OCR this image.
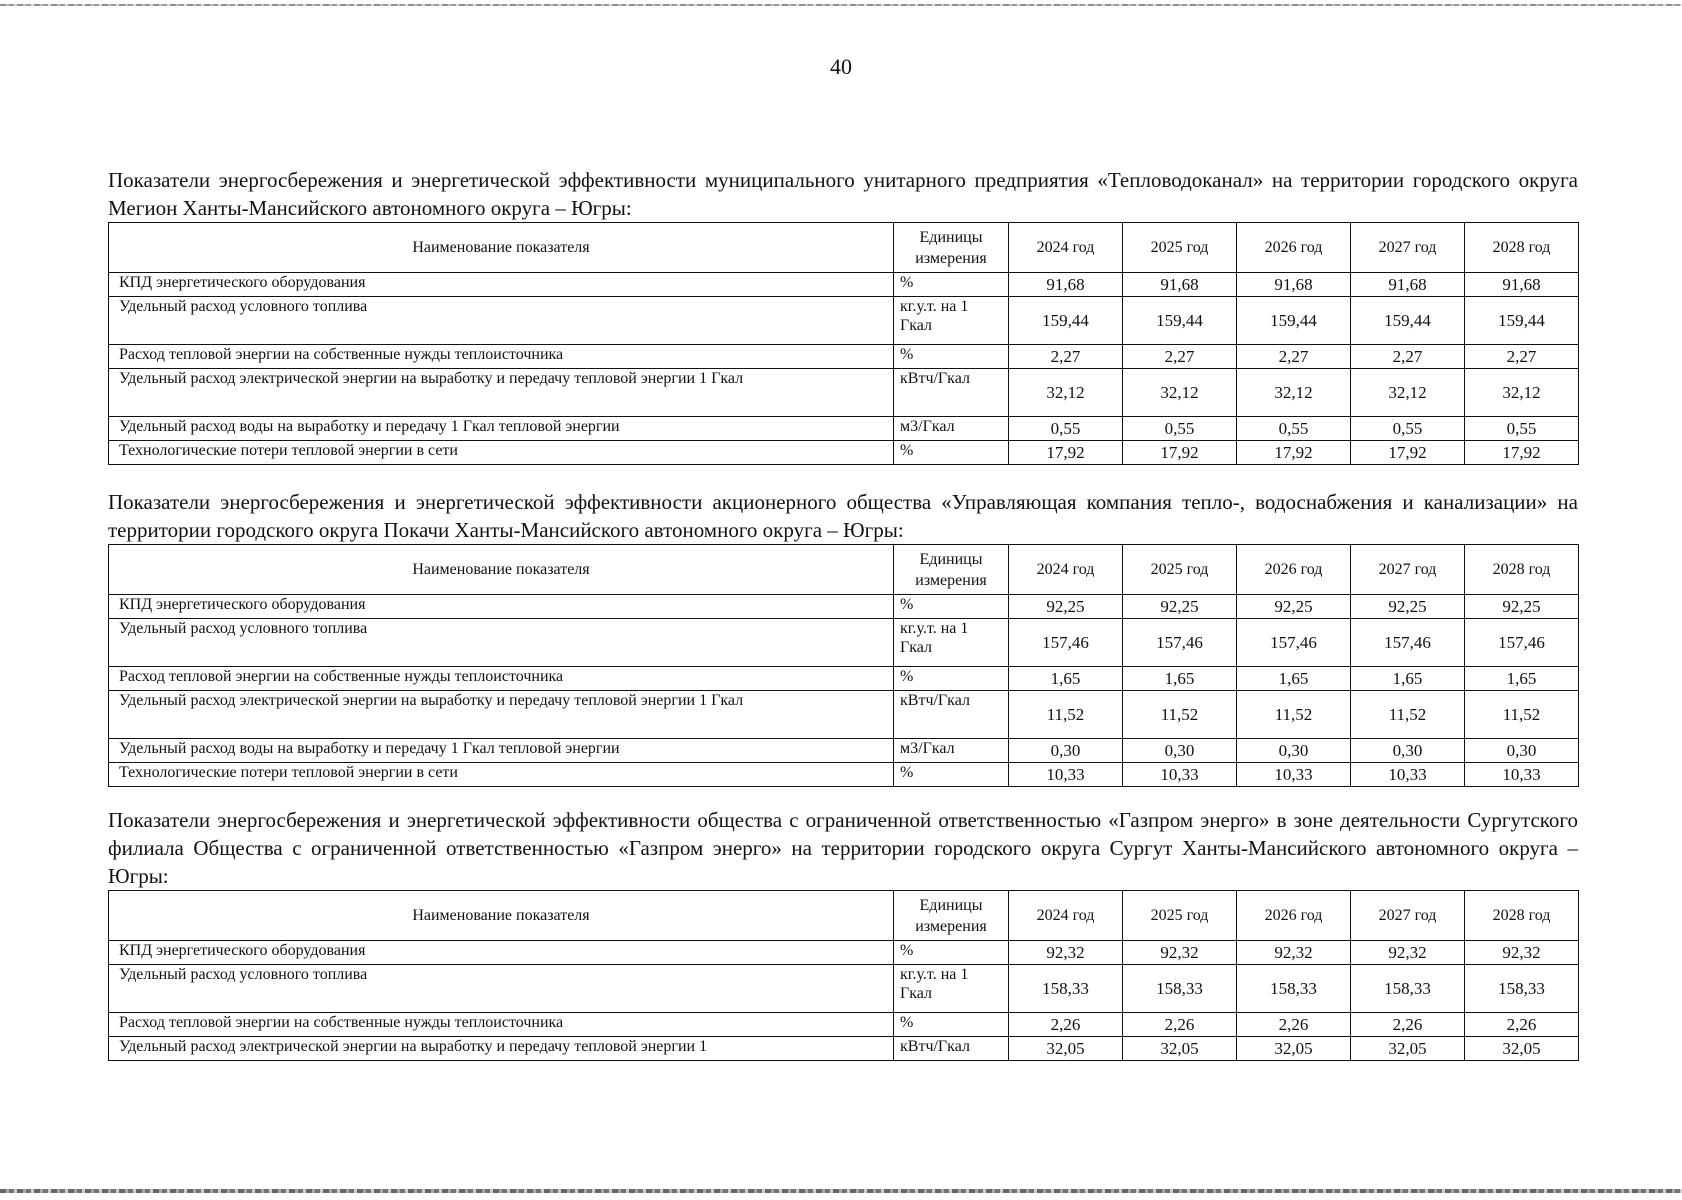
40

Показатели энергосбережения и энергетической эффективности муниципального унитарного предприятия «Тепловодоканал» на территории городского округа Мегион Ханты-Мансийского автономного округа – Югры:

Наименование показателя	Единицы измерения	2024 год	2025 год	2026 год	2027 год	2028 год
КПД энергетического оборудования	%	91,68	91,68	91,68	91,68	91,68
Удельный расход условного топлива	кг.у.т. на 1 Гкал	159,44	159,44	159,44	159,44	159,44
Расход тепловой энергии на собственные нужды теплоисточника	%	2,27	2,27	2,27	2,27	2,27
Удельный расход электрической энергии на выработку и передачу тепловой энергии 1 Гкал	кВтч/Гкал	32,12	32,12	32,12	32,12	32,12
Удельный расход воды на выработку и передачу 1 Гкал тепловой энергии	м3/Гкал	0,55	0,55	0,55	0,55	0,55
Технологические потери тепловой энергии в сети	%	17,92	17,92	17,92	17,92	17,92

Показатели энергосбережения и энергетической эффективности акционерного общества «Управляющая компания тепло-, водоснабжения и канализации» на территории городского округа Покачи Ханты-Мансийского автономного округа – Югры:

Наименование показателя	Единицы измерения	2024 год	2025 год	2026 год	2027 год	2028 год
КПД энергетического оборудования	%	92,25	92,25	92,25	92,25	92,25
Удельный расход условного топлива	кг.у.т. на 1 Гкал	157,46	157,46	157,46	157,46	157,46
Расход тепловой энергии на собственные нужды теплоисточника	%	1,65	1,65	1,65	1,65	1,65
Удельный расход электрической энергии на выработку и передачу тепловой энергии 1 Гкал	кВтч/Гкал	11,52	11,52	11,52	11,52	11,52
Удельный расход воды на выработку и передачу 1 Гкал тепловой энергии	м3/Гкал	0,30	0,30	0,30	0,30	0,30
Технологические потери тепловой энергии в сети	%	10,33	10,33	10,33	10,33	10,33

Показатели энергосбережения и энергетической эффективности общества с ограниченной ответственностью «Газпром энерго» в зоне деятельности Сургутского филиала Общества с ограниченной ответственностью «Газпром энерго» на территории городского округа Сургут Ханты-Мансийского автономного округа – Югры:

Наименование показателя	Единицы измерения	2024 год	2025 год	2026 год	2027 год	2028 год
КПД энергетического оборудования	%	92,32	92,32	92,32	92,32	92,32
Удельный расход условного топлива	кг.у.т. на 1 Гкал	158,33	158,33	158,33	158,33	158,33
Расход тепловой энергии на собственные нужды теплоисточника	%	2,26	2,26	2,26	2,26	2,26
Удельный расход электрической энергии на выработку и передачу тепловой энергии 1	кВтч/Гкал	32,05	32,05	32,05	32,05	32,05
